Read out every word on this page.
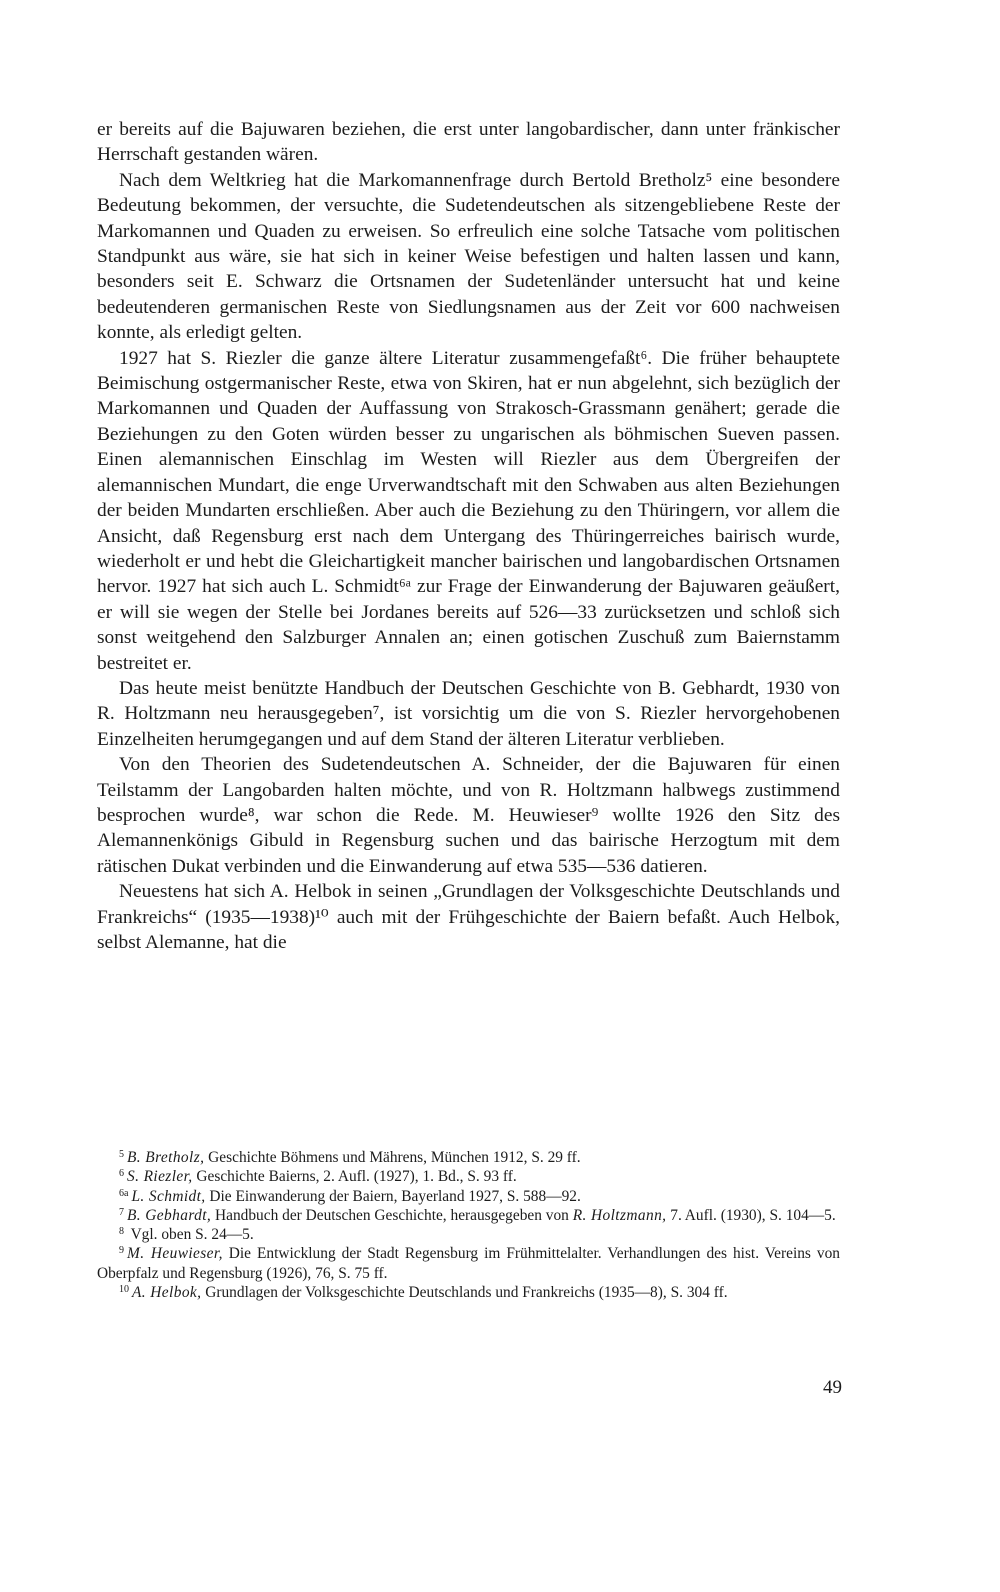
er bereits auf die Bajuwaren beziehen, die erst unter langobardischer, dann unter fränkischer Herrschaft gestanden wären.

Nach dem Weltkrieg hat die Markomannenfrage durch Bertold Bretholz⁵ eine besondere Bedeutung bekommen, der versuchte, die Sudetendeutschen als sitzengebliebene Reste der Markomannen und Quaden zu erweisen. So erfreulich eine solche Tatsache vom politischen Standpunkt aus wäre, sie hat sich in keiner Weise befestigen und halten lassen und kann, besonders seit E. Schwarz die Ortsnamen der Sudetenländer untersucht hat und keine bedeutenderen germanischen Reste von Siedlungsnamen aus der Zeit vor 600 nachweisen konnte, als erledigt gelten.

1927 hat S. Riezler die ganze ältere Literatur zusammengefaßt⁶. Die früher behauptete Beimischung ostgermanischer Reste, etwa von Skiren, hat er nun abgelehnt, sich bezüglich der Markomannen und Quaden der Auffassung von Strakosch-Grassmann genähert; gerade die Beziehungen zu den Goten würden besser zu ungarischen als böhmischen Sueven passen. Einen alemannischen Einschlag im Westen will Riezler aus dem Übergreifen der alemannischen Mundart, die enge Urverwandtschaft mit den Schwaben aus alten Beziehungen der beiden Mundarten erschließen. Aber auch die Beziehung zu den Thüringern, vor allem die Ansicht, daß Regensburg erst nach dem Untergang des Thüringerreiches bairisch wurde, wiederholt er und hebt die Gleichartigkeit mancher bairischen und langobardischen Ortsnamen hervor. 1927 hat sich auch L. Schmidt⁶ᵃ zur Frage der Einwanderung der Bajuwaren geäußert, er will sie wegen der Stelle bei Jordanes bereits auf 526—33 zurücksetzen und schloß sich sonst weitgehend den Salzburger Annalen an; einen gotischen Zuschuß zum Baiernstamm bestreitet er.

Das heute meist benützte Handbuch der Deutschen Geschichte von B. Gebhardt, 1930 von R. Holtzmann neu herausgegeben⁷, ist vorsichtig um die von S. Riezler hervorgehobenen Einzelheiten herumgegangen und auf dem Stand der älteren Literatur verblieben.

Von den Theorien des Sudetendeutschen A. Schneider, der die Bajuwaren für einen Teilstamm der Langobarden halten möchte, und von R. Holtzmann halbwegs zustimmend besprochen wurde⁸, war schon die Rede. M. Heuwieser⁹ wollte 1926 den Sitz des Alemannenkönigs Gibuld in Regensburg suchen und das bairische Herzogtum mit dem rätischen Dukat verbinden und die Einwanderung auf etwa 535—536 datieren.

Neuestens hat sich A. Helbok in seinen „Grundlagen der Volksgeschichte Deutschlands und Frankreichs“ (1935—1938)¹⁰ auch mit der Frühgeschichte der Baiern befaßt. Auch Helbok, selbst Alemanne, hat die

$^5$ B. Bretholz, Geschichte Böhmens und Mährens, München 1912, S. 29 ff.

$^6$ S. Riezler, Geschichte Baierns, 2. Aufl. (1927), 1. Bd., S. 93 ff.

$^{6a}$ L. Schmidt, Die Einwanderung der Baiern, Bayerland 1927, S. 588—92.

$^7$ B. Gebhardt, Handbuch der Deutschen Geschichte, herausgegeben von R. Holtzmann, 7. Aufl. (1930), S. 104—5.

$^8$ Vgl. oben S. 24—5.

$^9$ M. Heuwieser, Die Entwicklung der Stadt Regensburg im Frühmittelalter. Verhandlungen des hist. Vereins von Oberpfalz und Regensburg (1926), 76, S. 75 ff.

$^{10}$ A. Helbok, Grundlagen der Volksgeschichte Deutschlands und Frankreichs (1935—8), S. 304 ff.

49
